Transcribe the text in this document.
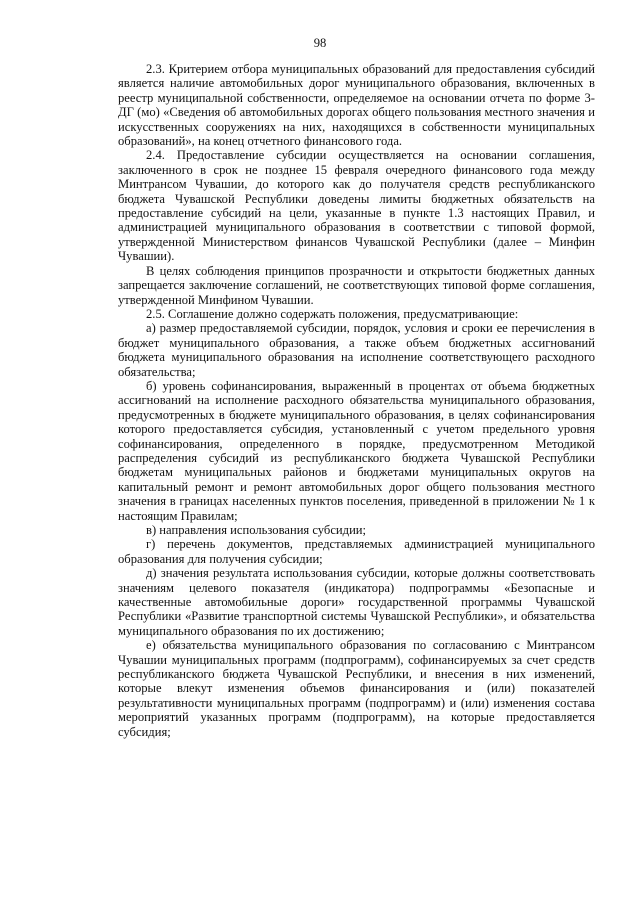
98

2.3. Критерием отбора муниципальных образований для предоставления субсидий является наличие автомобильных дорог муниципального образования, включенных в реестр муниципальной собственности, определяемое на основании отчета по форме 3-ДГ (мо) «Сведения об автомобильных дорогах общего пользования местного значения и искусственных сооружениях на них, находящихся в собственности муниципальных образований», на конец отчетного финансового года.

2.4. Предоставление субсидии осуществляется на основании соглашения, заключенного в срок не позднее 15 февраля очередного финансового года между Минтрансом Чувашии, до которого как до получателя средств республиканского бюджета Чувашской Республики доведены лимиты бюджетных обязательств на предоставление субсидий на цели, указанные в пункте 1.3 настоящих Правил, и администрацией муниципального образования в соответствии с типовой формой, утвержденной Министерством финансов Чувашской Республики (далее – Минфин Чувашии).

В целях соблюдения принципов прозрачности и открытости бюджетных данных запрещается заключение соглашений, не соответствующих типовой форме соглашения, утвержденной Минфином Чувашии.

2.5. Соглашение должно содержать положения, предусматривающие:

а) размер предоставляемой субсидии, порядок, условия и сроки ее перечисления в бюджет муниципального образования, а также объем бюджетных ассигнований бюджета муниципального образования на исполнение соответствующего расходного обязательства;

б) уровень софинансирования, выраженный в процентах от объема бюджетных ассигнований на исполнение расходного обязательства муниципального образования, предусмотренных в бюджете муниципального образования, в целях софинансирования которого предоставляется субсидия, установленный с учетом предельного уровня софинансирования, определенного в порядке, предусмотренном Методикой распределения субсидий из республиканского бюджета Чувашской Республики бюджетам муниципальных районов и бюджетами муниципальных округов на капитальный ремонт и ремонт автомобильных дорог общего пользования местного значения в границах населенных пунктов поселения, приведенной в приложении № 1 к настоящим Правилам;

в) направления использования субсидии;

г) перечень документов, представляемых администрацией муниципального образования для получения субсидии;

д) значения результата использования субсидии, которые должны соответствовать значениям целевого показателя (индикатора) подпрограммы «Безопасные и качественные автомобильные дороги» государственной программы Чувашской Республики «Развитие транспортной системы Чувашской Республики», и обязательства муниципального образования по их достижению;

е) обязательства муниципального образования по согласованию с Минтрансом Чувашии муниципальных программ (подпрограмм), софинансируемых за счет средств республиканского бюджета Чувашской Республики, и внесения в них изменений, которые влекут изменения объемов финансирования и (или) показателей результативности муниципальных программ (подпрограмм) и (или) изменения состава мероприятий указанных программ (подпрограмм), на которые предоставляется субсидия;
